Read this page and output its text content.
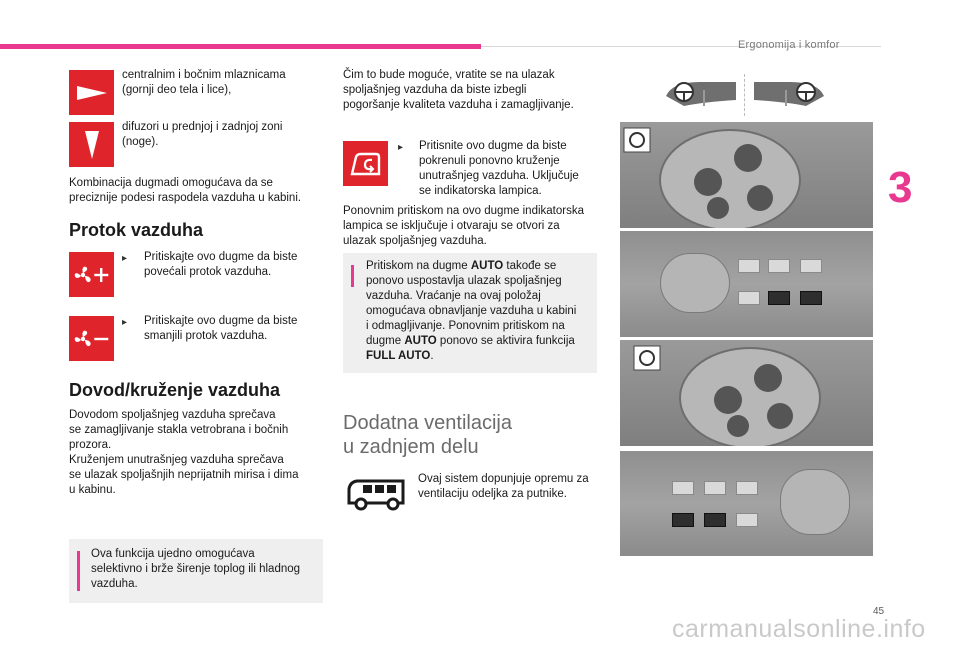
Ergonomija i komfor
3
centralnim i bočnim mlaznicama
(gornji deo tela i lice),
difuzori u prednjoj i zadnjoj zoni
(noge).
Kombinacija dugmadi omogućava da se
preciznije podesi raspodela vazduha u kabini.
Protok vazduha
▸ Pritiskajte ovo dugme da biste
povećali protok vazduha.
▸ Pritiskajte ovo dugme da biste
smanjili protok vazduha.
Dovod/kruženje vazduha
Dovodom spoljašnjeg vazduha sprečava
se zamagljivanje stakla vetrobrana i bočnih
prozora.
Kruženjem unutrašnjeg vazduha sprečava
se ulazak spoljašnjih neprijatnih mirisa i dima
u kabinu.
Ova funkcija ujedno omogućava
selektivno i brže širenje toplog ili hladnog
vazduha.
Čim to bude moguće, vratite se na ulazak
spoljašnjeg vazduha da biste izbegli
pogoršanje kvaliteta vazduha i zamagljivanje.
▸ Pritisnite ovo dugme da biste
pokrenuli ponovno kruženje
unutrašnjeg vazduha. Uključuje
se indikatorska lampica.
Ponovnim pritiskom na ovo dugme indikatorska
lampica se isključuje i otvaraju se otvori za
ulazak spoljašnjeg vazduha.
Pritiskom na dugme AUTO takođe se
ponovo uspostavlja ulazak spoljašnjeg
vazduha. Vraćanje na ovaj položaj
omogućava obnavljanje vazduha u kabini
i odmagljivanje. Ponovnim pritiskom na
dugme AUTO ponovo se aktivira funkcija
FULL AUTO.
Dodatna ventilacija
u zadnjem delu
Ovaj sistem dopunjuje opremu za
ventilaciju odeljka za putnike.
45
carmanualsonline.info
